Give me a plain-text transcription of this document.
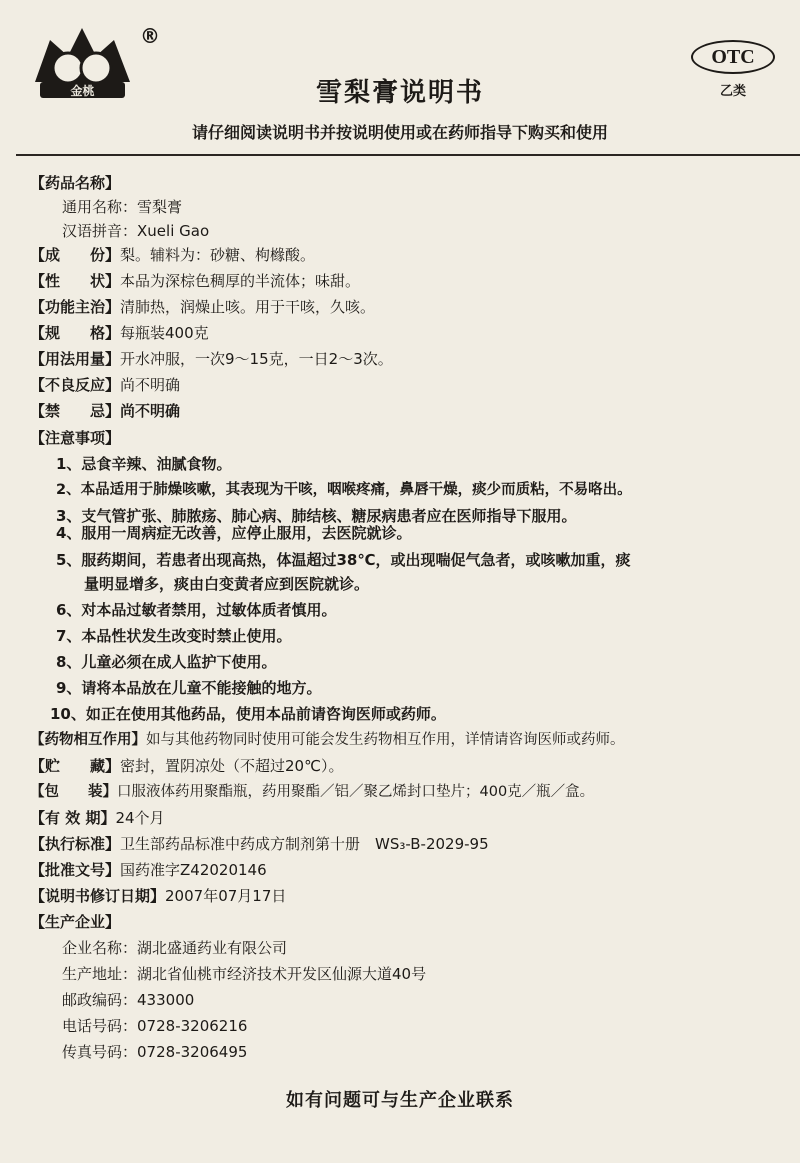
金桃
®
OTC
乙类
雪梨膏说明书
请仔细阅读说明书并按说明使用或在药师指导下购买和使用
【药品名称】
通用名称：雪梨膏
汉语拼音：Xueli Gao
【成　　份】梨。辅料为：砂糖、枸橼酸。
【性　　状】本品为深棕色稠厚的半流体；味甜。
【功能主治】清肺热，润燥止咳。用于干咳，久咳。
【规　　格】每瓶装400克
【用法用量】开水冲服，一次9～15克，一日2～3次。
【不良反应】尚不明确
【禁　　忌】尚不明确
【注意事项】
1、忌食辛辣、油腻食物。
2、本品适用于肺燥咳嗽，其表现为干咳，咽喉疼痛，鼻唇干燥，痰少而质粘，不易咯出。
3、支气管扩张、肺脓疡、肺心病、肺结核、糖尿病患者应在医师指导下服用。
4、服用一周病症无改善，应停止服用，去医院就诊。
5、服药期间，若患者出现高热，体温超过38℃，或出现喘促气急者，或咳嗽加重，痰
量明显增多，痰由白变黄者应到医院就诊。
6、对本品过敏者禁用，过敏体质者慎用。
7、本品性状发生改变时禁止使用。
8、儿童必须在成人监护下使用。
9、请将本品放在儿童不能接触的地方。
10、如正在使用其他药品，使用本品前请咨询医师或药师。
【药物相互作用】如与其他药物同时使用可能会发生药物相互作用，详情请咨询医师或药师。
【贮　　藏】密封，置阴凉处（不超过20℃）。
【包　　装】口服液体药用聚酯瓶，药用聚酯／铝／聚乙烯封口垫片；400克／瓶／盒。
【有 效 期】24个月
【执行标准】卫生部药品标准中药成方制剂第十册　WS₃-B-2029-95
【批准文号】国药准字Z42020146
【说明书修订日期】2007年07月17日
【生产企业】
企业名称：湖北盛通药业有限公司
生产地址：湖北省仙桃市经济技术开发区仙源大道40号
邮政编码：433000
电话号码：0728-3206216
传真号码：0728-3206495
如有问题可与生产企业联系
